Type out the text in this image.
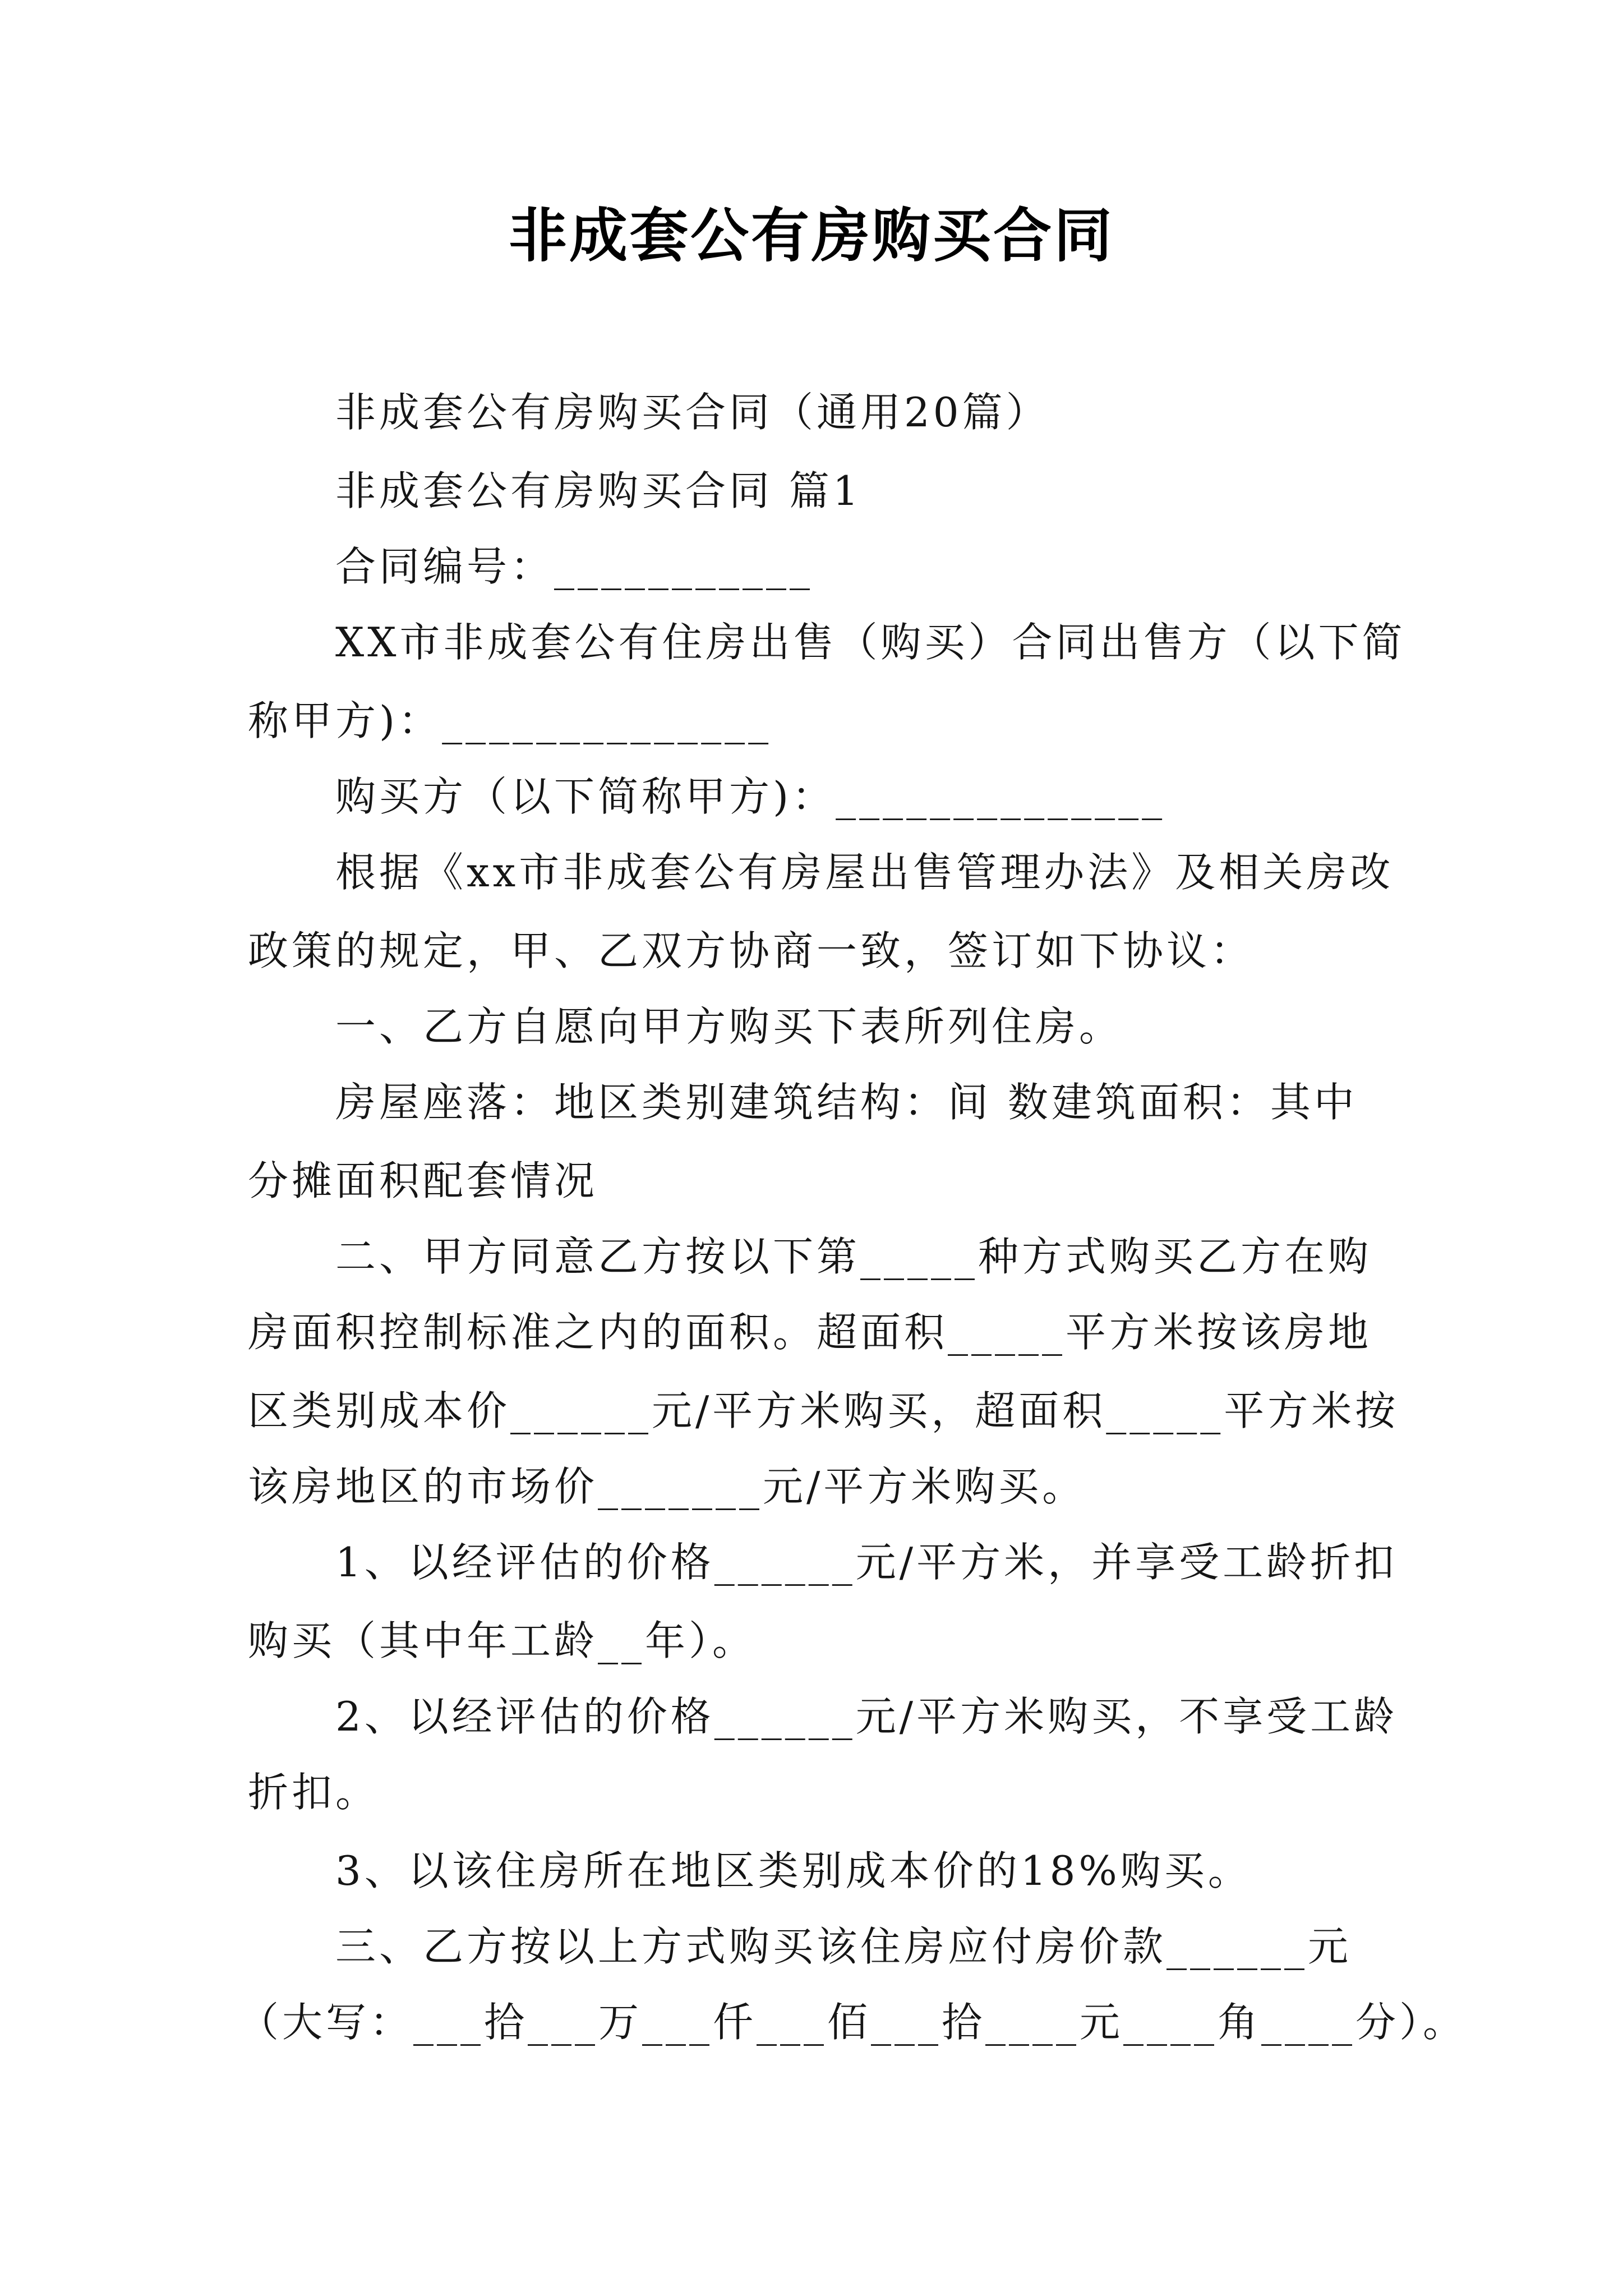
非成套公有房购买合同
非成套公有房购买合同（通用20篇）
非成套公有房购买合同 篇1
合同编号：___________
XX市非成套公有住房出售（购买）合同出售方（以下简
称甲方)：______________
购买方（以下简称甲方)：______________
根据《xx市非成套公有房屋出售管理办法》及相关房改
政策的规定，甲、乙双方协商一致，签订如下协议：
一、乙方自愿向甲方购买下表所列住房。
房屋座落：地区类别建筑结构：间 数建筑面积：其中
分摊面积配套情况
二、甲方同意乙方按以下第_____种方式购买乙方在购
房面积控制标准之内的面积。超面积_____平方米按该房地
区类别成本价______元/平方米购买，超面积_____平方米按
该房地区的市场价_______元/平方米购买。
1、以经评估的价格______元/平方米，并享受工龄折扣
购买（其中年工龄__年）。
2、以经评估的价格______元/平方米购买，不享受工龄
折扣。
3、以该住房所在地区类别成本价的18%购买。
三、乙方按以上方式购买该住房应付房价款______元
（大写：___拾___万___仟___佰___拾____元____角____分）。
